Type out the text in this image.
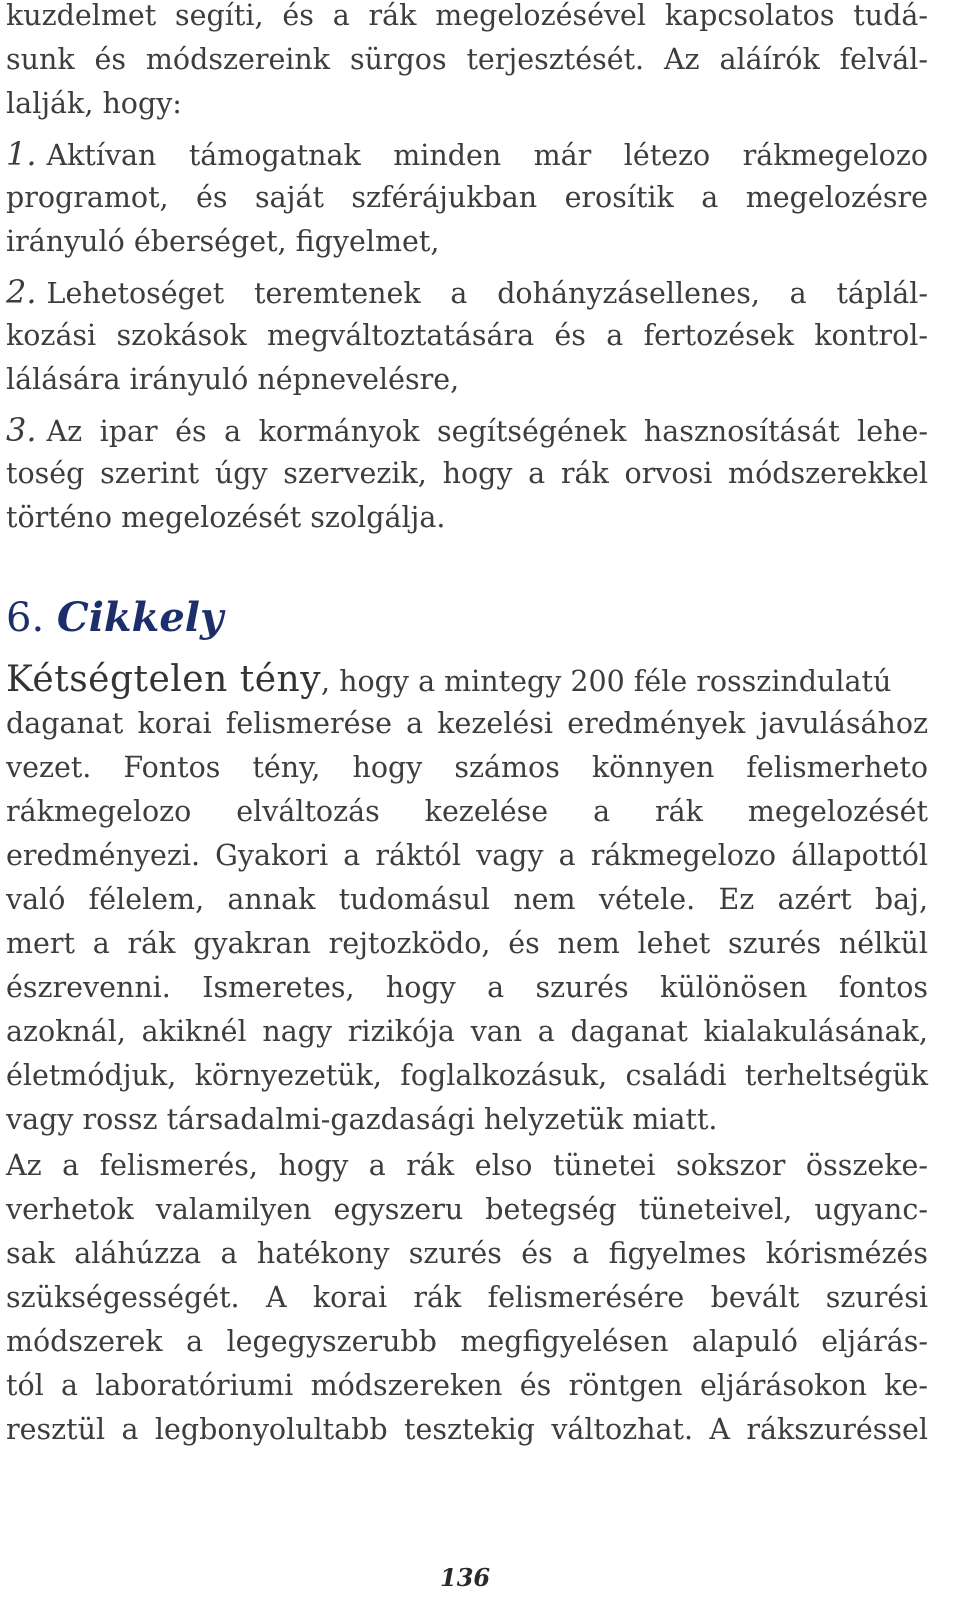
kuzdelmet segíti, és a rák megelozésével kapcsolatos tudá-
sunk és módszereink sürgos terjesztését. Az aláírók felvál-
lalják, hogy:
1. Aktívan támogatnak minden már létezo rákmegelozo
programot, és saját szférájukban erosítik a megelozésre
irányuló éberséget, figyelmet,
2. Lehetoséget teremtenek a dohányzásellenes, a táplál-
kozási szokások megváltoztatására és a fertozések kontrol-
lálására irányuló népnevelésre,
3. Az ipar és a kormányok segítségének hasznosítását lehe-
toség szerint úgy szervezik, hogy a rák orvosi módszerekkel
történo megelozését szolgálja.
6. Cikkely
Kétségtelen tény, hogy a mintegy 200 féle rosszindulatú
daganat korai felismerése a kezelési eredmények javulásához
vezet. Fontos tény, hogy számos könnyen felismerheto
rákmegelozo elváltozás kezelése a rák megelozését
eredményezi. Gyakori a ráktól vagy a rákmegelozo állapottól
való félelem, annak tudomásul nem vétele. Ez azért baj,
mert a rák gyakran rejtozködo, és nem lehet szurés nélkül
észrevenni. Ismeretes, hogy a szurés különösen fontos
azoknál, akiknél nagy rizikója van a daganat kialakulásának,
életmódjuk, környezetük, foglalkozásuk, családi terheltségük
vagy rossz társadalmi-gazdasági helyzetük miatt.
Az a felismerés, hogy a rák elso tünetei sokszor összeke-
verhetok valamilyen egyszeru betegség tüneteivel, ugyanc-
sak aláhúzza a hatékony szurés és a figyelmes kórismézés
szükségességét. A korai rák felismerésére bevált szurési
módszerek a legegyszerubb megfigyelésen alapuló eljárás-
tól a laboratóriumi módszereken és röntgen eljárásokon ke-
resztül a legbonyolultabb tesztekig változhat. A rákszuréssel
136
